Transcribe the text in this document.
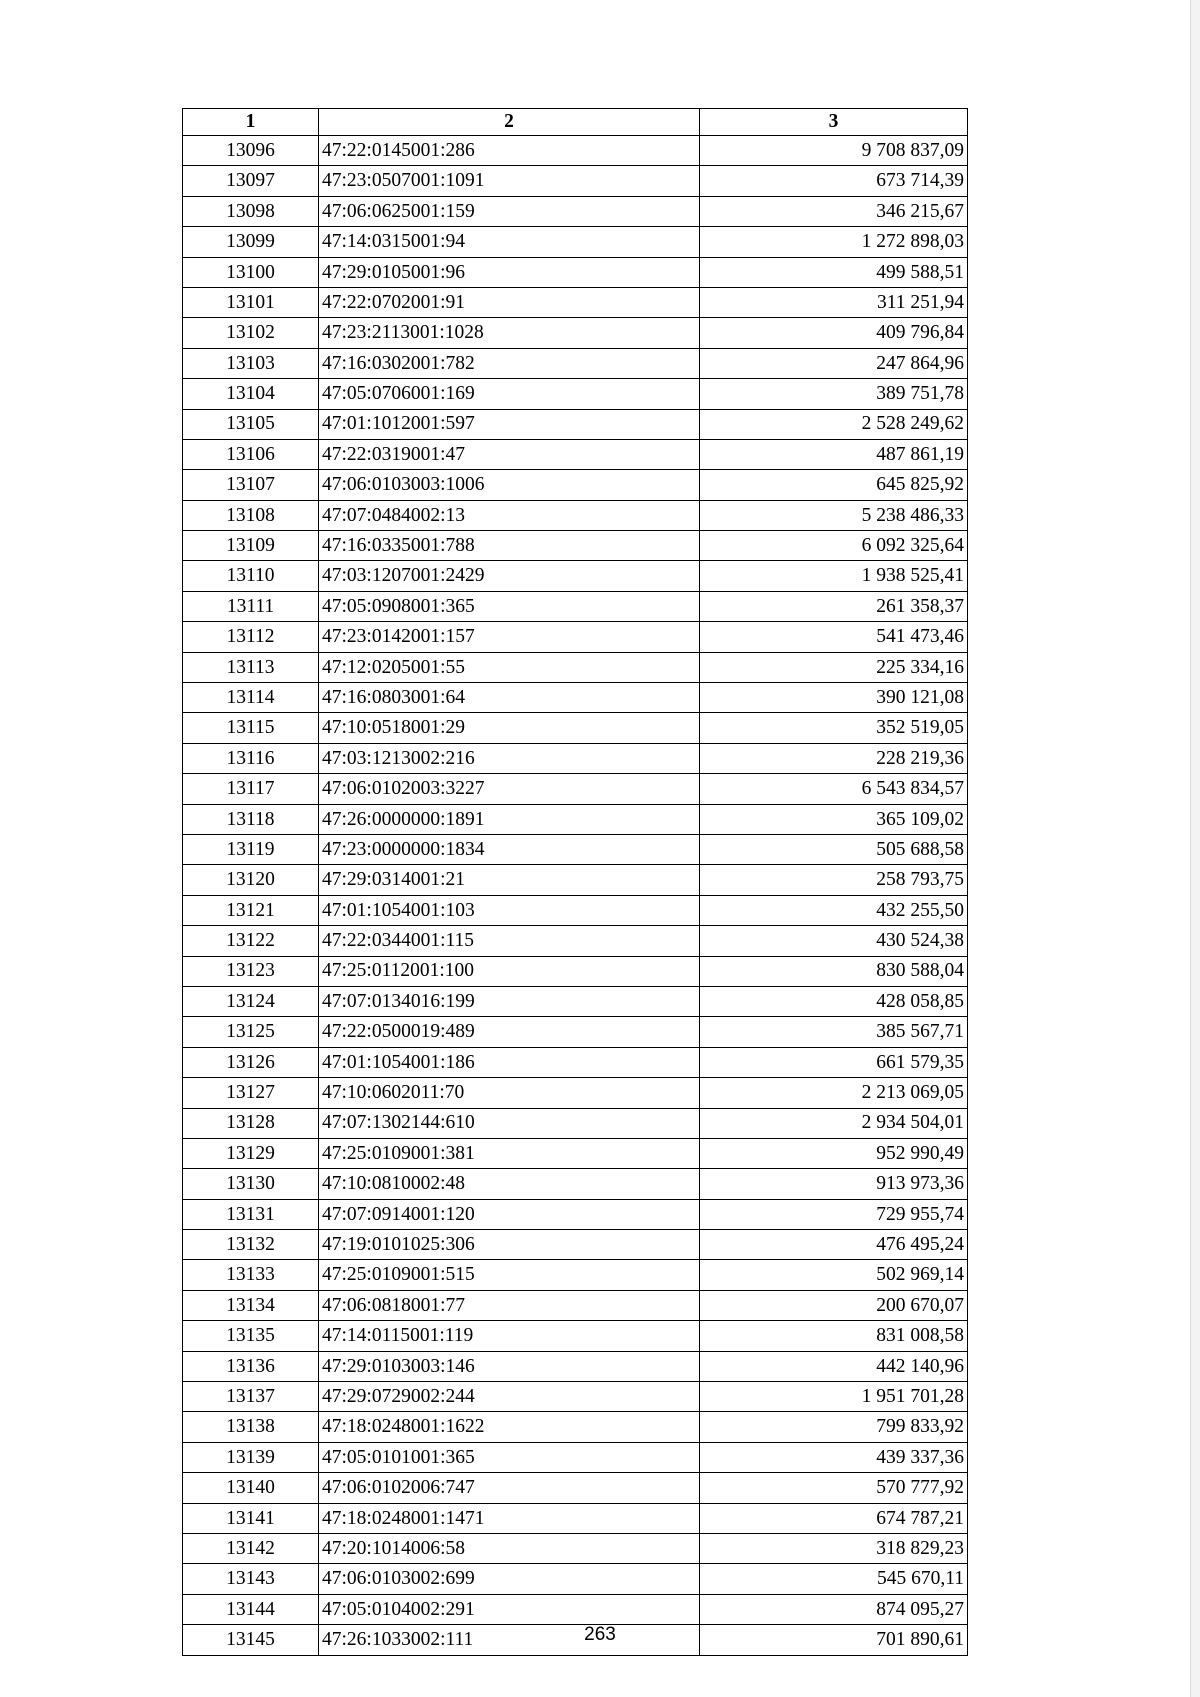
1	2	3
13096	47:22:0145001:286	9 708 837,09
13097	47:23:0507001:1091	673 714,39
13098	47:06:0625001:159	346 215,67
13099	47:14:0315001:94	1 272 898,03
13100	47:29:0105001:96	499 588,51
13101	47:22:0702001:91	311 251,94
13102	47:23:2113001:1028	409 796,84
13103	47:16:0302001:782	247 864,96
13104	47:05:0706001:169	389 751,78
13105	47:01:1012001:597	2 528 249,62
13106	47:22:0319001:47	487 861,19
13107	47:06:0103003:1006	645 825,92
13108	47:07:0484002:13	5 238 486,33
13109	47:16:0335001:788	6 092 325,64
13110	47:03:1207001:2429	1 938 525,41
13111	47:05:0908001:365	261 358,37
13112	47:23:0142001:157	541 473,46
13113	47:12:0205001:55	225 334,16
13114	47:16:0803001:64	390 121,08
13115	47:10:0518001:29	352 519,05
13116	47:03:1213002:216	228 219,36
13117	47:06:0102003:3227	6 543 834,57
13118	47:26:0000000:1891	365 109,02
13119	47:23:0000000:1834	505 688,58
13120	47:29:0314001:21	258 793,75
13121	47:01:1054001:103	432 255,50
13122	47:22:0344001:115	430 524,38
13123	47:25:0112001:100	830 588,04
13124	47:07:0134016:199	428 058,85
13125	47:22:0500019:489	385 567,71
13126	47:01:1054001:186	661 579,35
13127	47:10:0602011:70	2 213 069,05
13128	47:07:1302144:610	2 934 504,01
13129	47:25:0109001:381	952 990,49
13130	47:10:0810002:48	913 973,36
13131	47:07:0914001:120	729 955,74
13132	47:19:0101025:306	476 495,24
13133	47:25:0109001:515	502 969,14
13134	47:06:0818001:77	200 670,07
13135	47:14:0115001:119	831 008,58
13136	47:29:0103003:146	442 140,96
13137	47:29:0729002:244	1 951 701,28
13138	47:18:0248001:1622	799 833,92
13139	47:05:0101001:365	439 337,36
13140	47:06:0102006:747	570 777,92
13141	47:18:0248001:1471	674 787,21
13142	47:20:1014006:58	318 829,23
13143	47:06:0103002:699	545 670,11
13144	47:05:0104002:291	874 095,27
13145	47:26:1033002:111	701 890,61
263
